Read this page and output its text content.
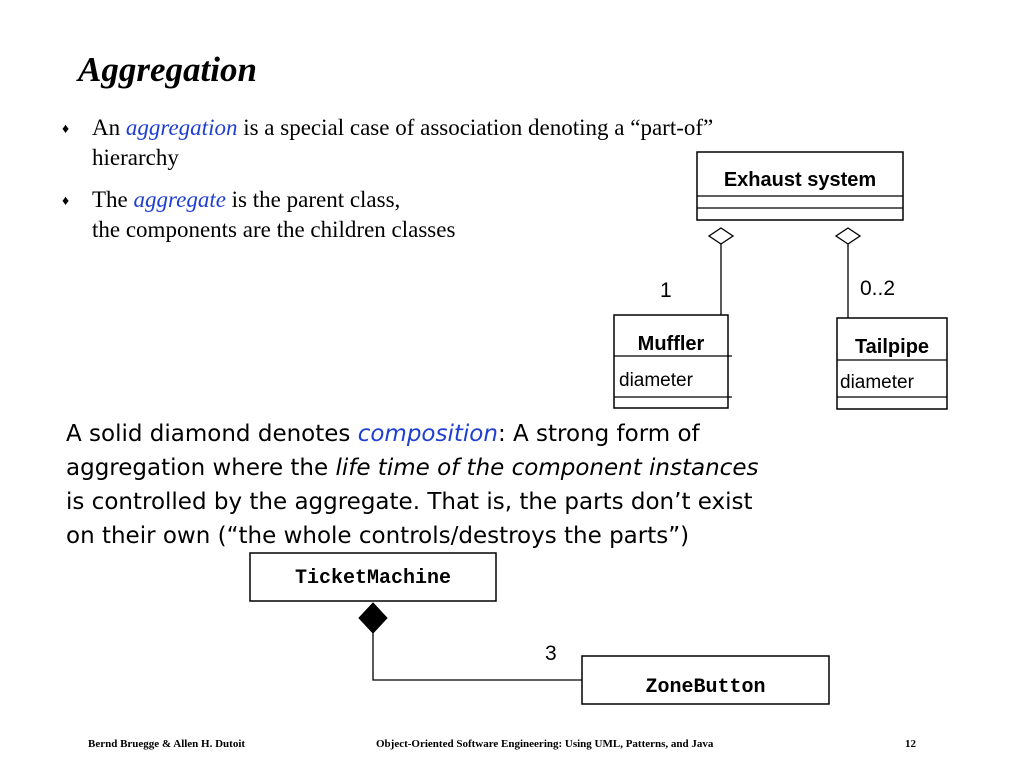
Aggregation
♦ An aggregation is a special case of association denoting a “part-of”
hierarchy
♦ The aggregate is the parent class,
the components are the children classes
Exhaust system
1	0..2
Muffler
diameter
Tailpipe
diameter
A solid diamond denotes composition: A strong form of
aggregation where the life time of the component instances
is controlled by the aggregate. That is, the parts don’t exist
on their own (“the whole controls/destroys the parts”)
TicketMachine
3
ZoneButton
Bernd Bruegge & Allen H. Dutoit	Object-Oriented Software Engineering: Using UML, Patterns, and Java	12
